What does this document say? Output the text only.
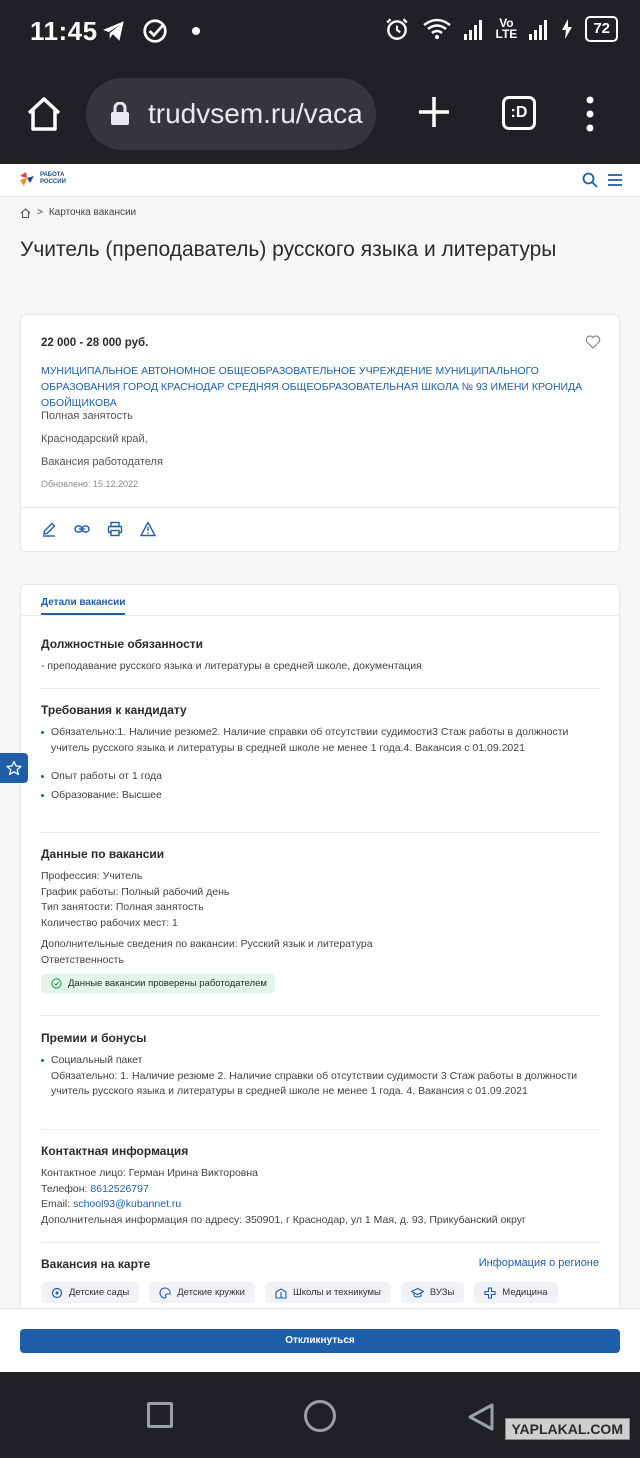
11:45	Vo
LTE	72
trudvsem.ru/vaca	:D
РАБОТА
РОССИИ
> Карточка вакансии
Учитель (преподаватель) русского языка и литературы
22 000 - 28 000 руб.
МУНИЦИПАЛЬНОЕ АВТОНОМНОЕ ОБЩЕОБРАЗОВАТЕЛЬНОЕ УЧРЕЖДЕНИЕ МУНИЦИПАЛЬНОГО ОБРАЗОВАНИЯ ГОРОД КРАСНОДАР СРЕДНЯЯ ОБЩЕОБРАЗОВАТЕЛЬНАЯ ШКОЛА № 93 ИМЕНИ КРОНИДА ОБОЙЩИКОВА
Полная занятость
Краснодарский край,
Вакансия работодателя
Обновлено: 15.12.2022
Детали вакансии
Должностные обязанности
- преподавание русского языка и литературы в средней школе, документация
Требования к кандидату
Обязательно:1. Наличие резюме2. Наличие справки об отсутствии судимости3 Стаж работы в должности учитель русского языка и литературы в средней школе не менее 1 года.4. Вакансия с 01.09.2021
Опыт работы от 1 года
Образование: Высшее
Данные по вакансии
Профессия: Учитель
График работы: Полный рабочий день
Тип занятости: Полная занятость
Количество рабочих мест: 1
Дополнительные сведения по вакансии: Русский язык и литература
Ответственность
Данные вакансии проверены работодателем
Премии и бонусы
Социальный пакет
Обязательно: 1. Наличие резюме 2. Наличие справки об отсутствии судимости 3 Стаж работы в должности учитель русского языка и литературы в средней школе не менее 1 года. 4. Вакансия с 01.09.2021
Контактная информация
Контактное лицо: Герман Ирина Викторовна
Телефон: 8612526797
Email: school93@kubannet.ru
Дополнительная информация по адресу: 350901, г Краснодар, ул 1 Мая, д. 93, Прикубанский округ
Вакансия на карте	Информация о регионе
Детские сады	Детские кружки	Школы и техникумы	ВУЗы	Медицина
Откликнуться
YAPLAKAL.COM
